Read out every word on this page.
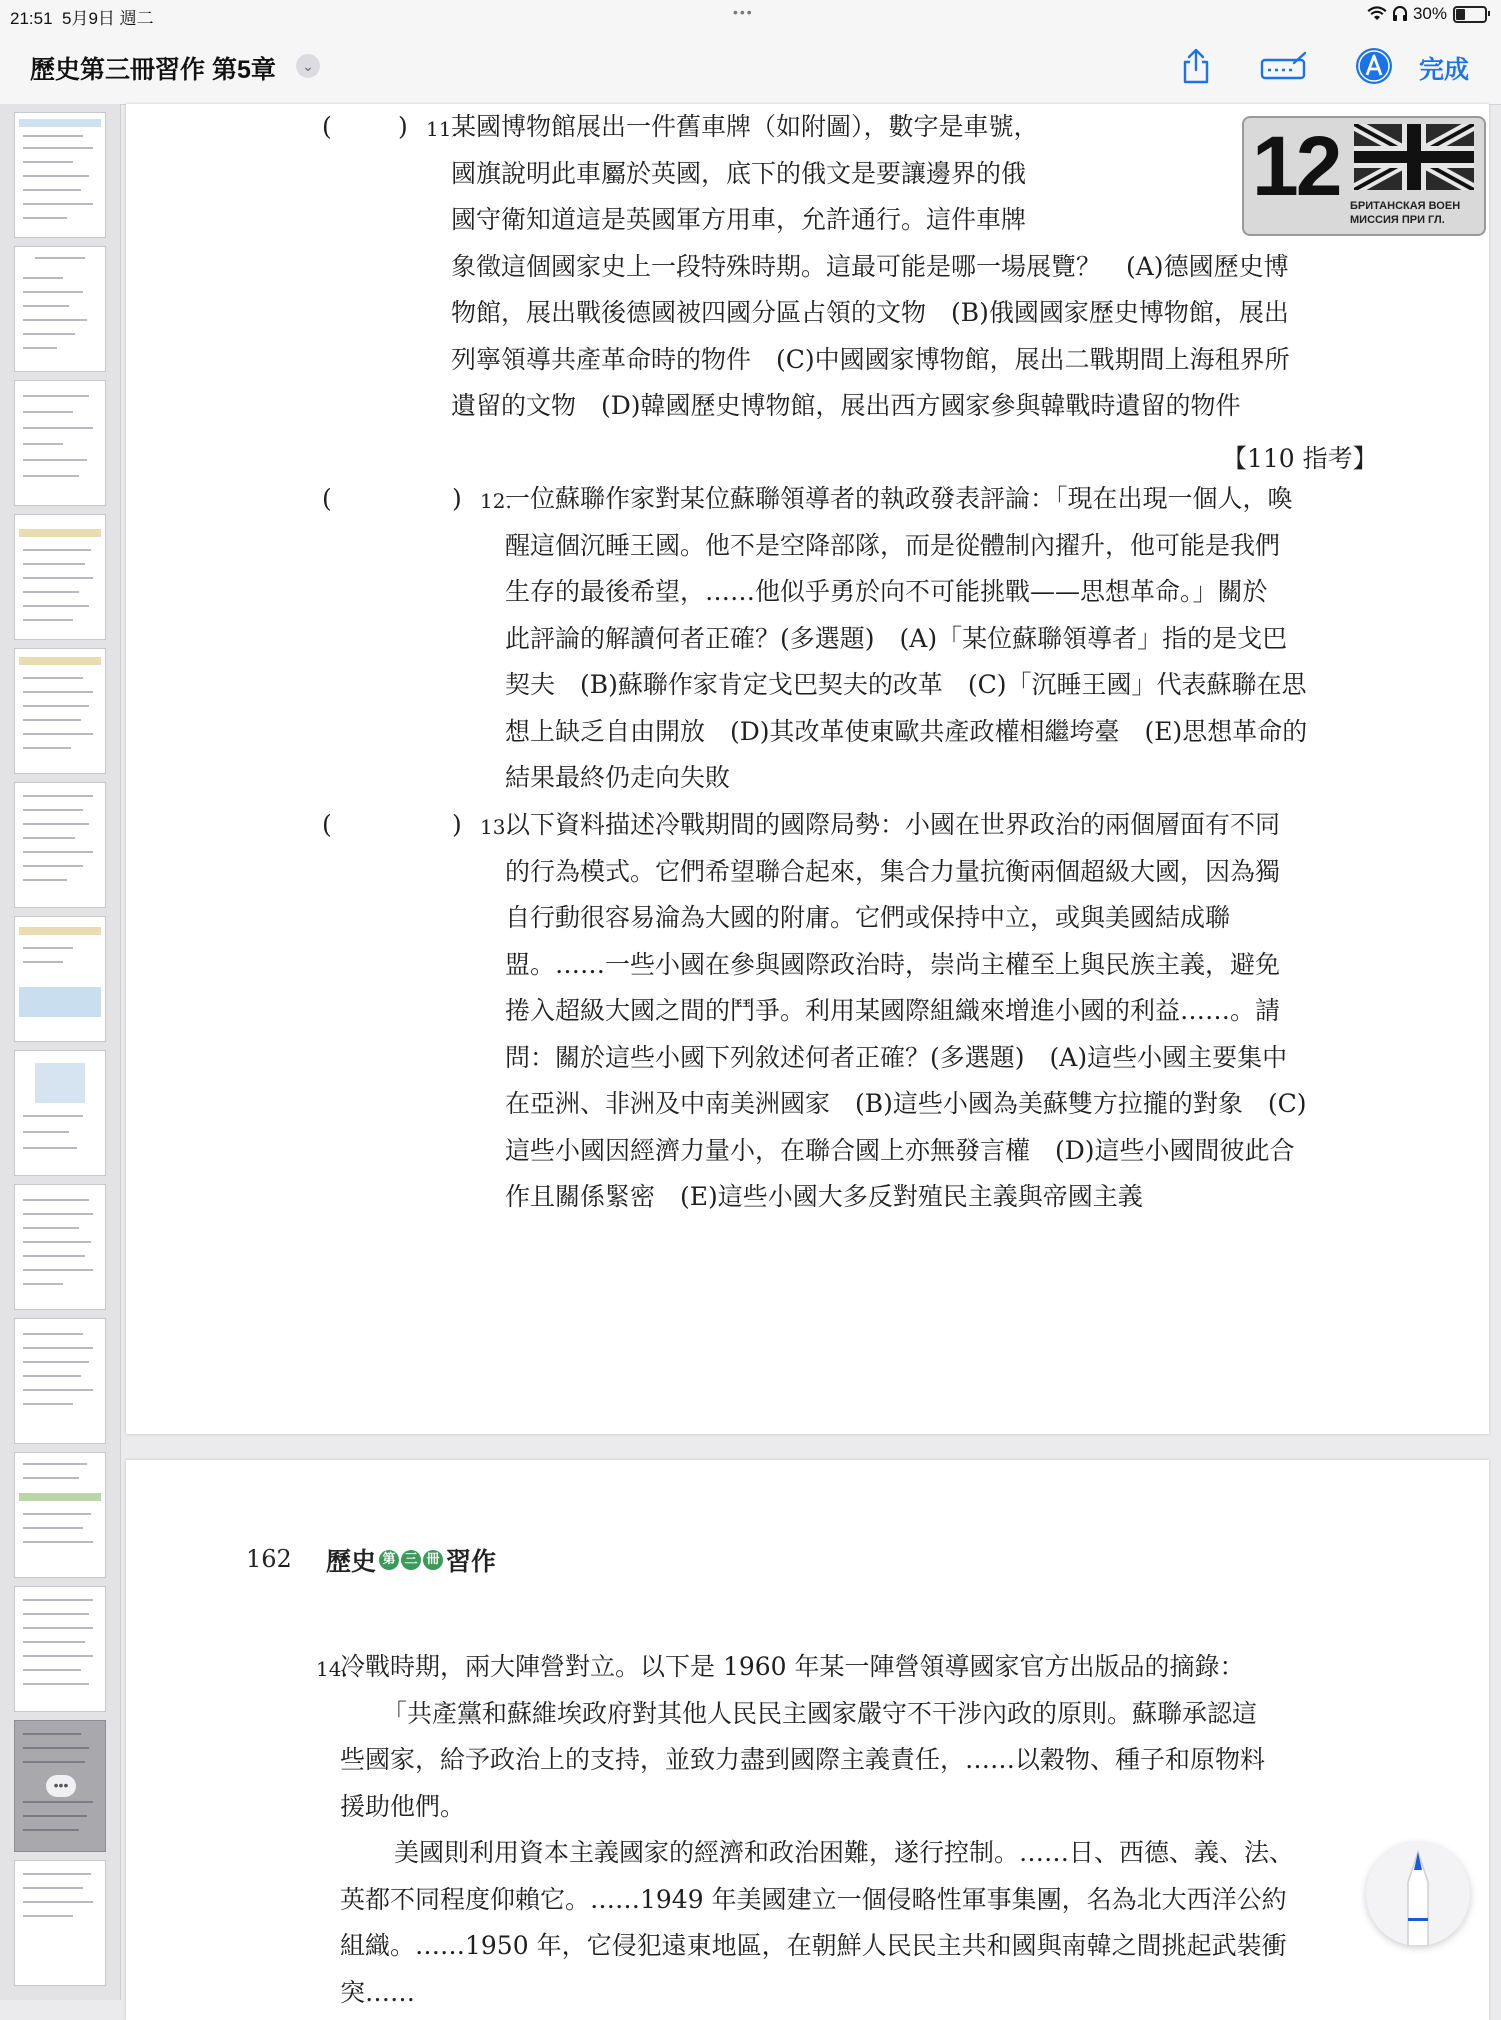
21:51 5月9日 週二	•••	30%
歷史第三冊習作 第5章	⌄	完成
•••
(	) 11.
某國博物館展出一件舊車牌（如附圖），數字是車號，
國旗說明此車屬於英國，底下的俄文是要讓邊界的俄
國守衛知道這是英國軍方用車，允許通行。這件車牌
象徵這個國家史上一段特殊時期。這最可能是哪一場展覽？　(A)德國歷史博
物館，展出戰後德國被四國分區占領的文物　(B)俄國國家歷史博物館，展出
列寧領導共產革命時的物件　(C)中國國家博物館，展出二戰期間上海租界所
遺留的文物　(D)韓國歷史博物館，展出西方國家參與韓戰時遺留的物件
12 БРИТАНСКАЯ ВОЕН
МИССИЯ ПРИ ГЛ.
【110 指考】
(	) 12.
一位蘇聯作家對某位蘇聯領導者的執政發表評論：「現在出現一個人，喚
醒這個沉睡王國。他不是空降部隊，而是從體制內擢升，他可能是我們
生存的最後希望，……他似乎勇於向不可能挑戰——思想革命。」關於
此評論的解讀何者正確？(多選題)　(A)「某位蘇聯領導者」指的是戈巴
契夫　(B)蘇聯作家肯定戈巴契夫的改革　(C)「沉睡王國」代表蘇聯在思
想上缺乏自由開放　(D)其改革使東歐共產政權相繼垮臺　(E)思想革命的
結果最終仍走向失敗
(	) 13.
以下資料描述冷戰期間的國際局勢：小國在世界政治的兩個層面有不同
的行為模式。它們希望聯合起來，集合力量抗衡兩個超級大國，因為獨
自行動很容易淪為大國的附庸。它們或保持中立，或與美國結成聯
盟。……一些小國在參與國際政治時，崇尚主權至上與民族主義，避免
捲入超級大國之間的鬥爭。利用某國際組織來增進小國的利益……。請
問：關於這些小國下列敘述何者正確？(多選題)　(A)這些小國主要集中
在亞洲、非洲及中南美洲國家　(B)這些小國為美蘇雙方拉攏的對象　(C)
這些小國因經濟力量小，在聯合國上亦無發言權　(D)這些小國間彼此合
作且關係緊密　(E)這些小國大多反對殖民主義與帝國主義
162 歷史 第 三 冊 習作
14.
冷戰時期，兩大陣營對立。以下是 1960 年某一陣營領導國家官方出版品的摘錄：
「共產黨和蘇維埃政府對其他人民民主國家嚴守不干涉內政的原則。蘇聯承認這
些國家，給予政治上的支持，並致力盡到國際主義責任，……以穀物、種子和原物料
援助他們。
美國則利用資本主義國家的經濟和政治困難，遂行控制。……日、西德、義、法、
英都不同程度仰賴它。……1949 年美國建立一個侵略性軍事集團，名為北大西洋公約
組織。……1950 年，它侵犯遠東地區，在朝鮮人民民主共和國與南韓之間挑起武裝衝
突……
